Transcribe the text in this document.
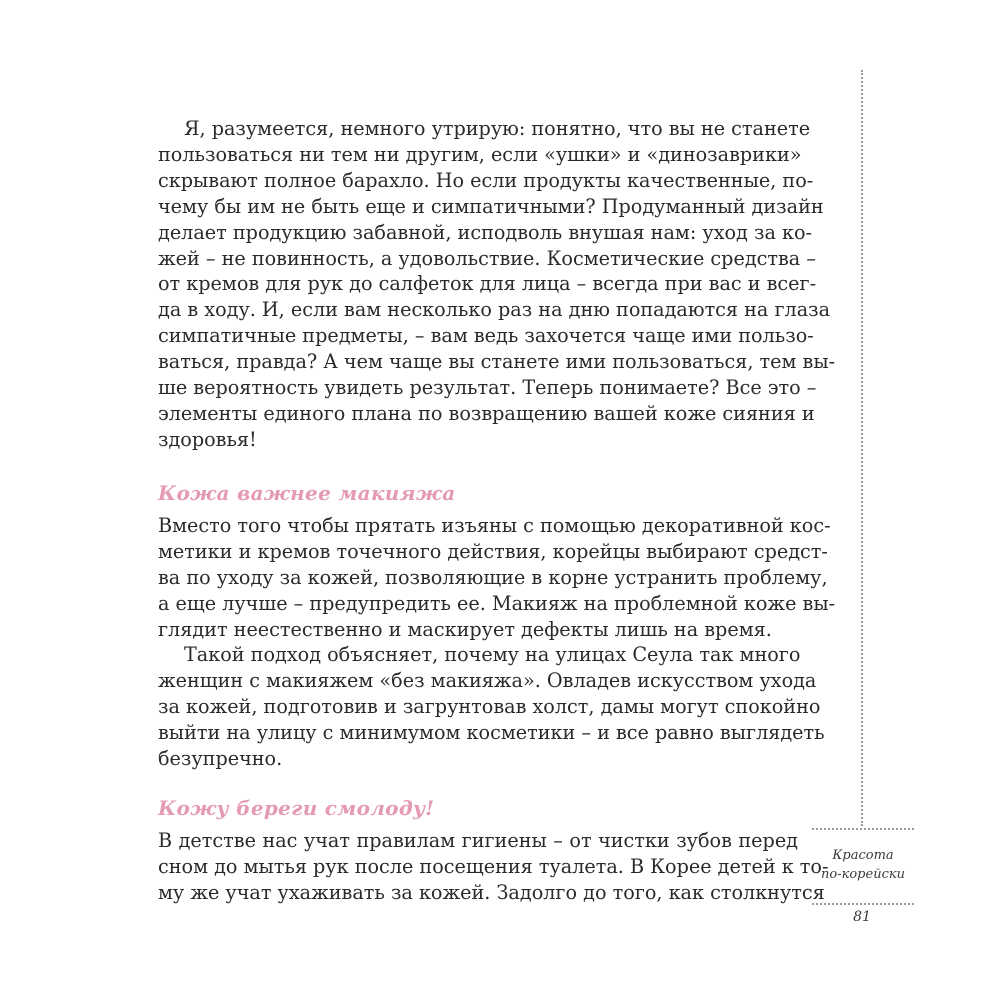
Я, разумеется, немного утрирую: понятно, что вы не станете
пользоваться ни тем ни другим, если «ушки» и «динозаврики»
скрывают полное барахло. Но если продукты качественные, по-
чему бы им не быть еще и симпатичными? Продуманный дизайн
делает продукцию забавной, исподволь внушая нам: уход за ко-
жей – не повинность, а удовольствие. Косметические средства –
от кремов для рук до салфеток для лица – всегда при вас и всег-
да в ходу. И, если вам несколько раз на дню попадаются на глаза
симпатичные предметы, – вам ведь захочется чаще ими пользо-
ваться, правда? А чем чаще вы станете ими пользоваться, тем вы-
ше вероятность увидеть результат. Теперь понимаете? Все это –
элементы единого плана по возвращению вашей коже сияния и
здоровья!
Кожа важнее макияжа
Вместо того чтобы прятать изъяны с помощью декоративной кос-
метики и кремов точечного действия, корейцы выбирают средст-
ва по уходу за кожей, позволяющие в корне устранить проблему,
а еще лучше – предупредить ее. Макияж на проблемной коже вы-
глядит неестественно и маскирует дефекты лишь на время.
Такой подход объясняет, почему на улицах Сеула так много
женщин с макияжем «без макияжа». Овладев искусством ухода
за кожей, подготовив и загрунтовав холст, дамы могут спокойно
выйти на улицу с минимумом косметики – и все равно выглядеть
безупречно.
Кожу береги смолоду!
В детстве нас учат правилам гигиены – от чистки зубов перед
сном до мытья рук после посещения туалета. В Корее детей к то-
му же учат ухаживать за кожей. Задолго до того, как столкнутся
Красота
по-корейски
81
